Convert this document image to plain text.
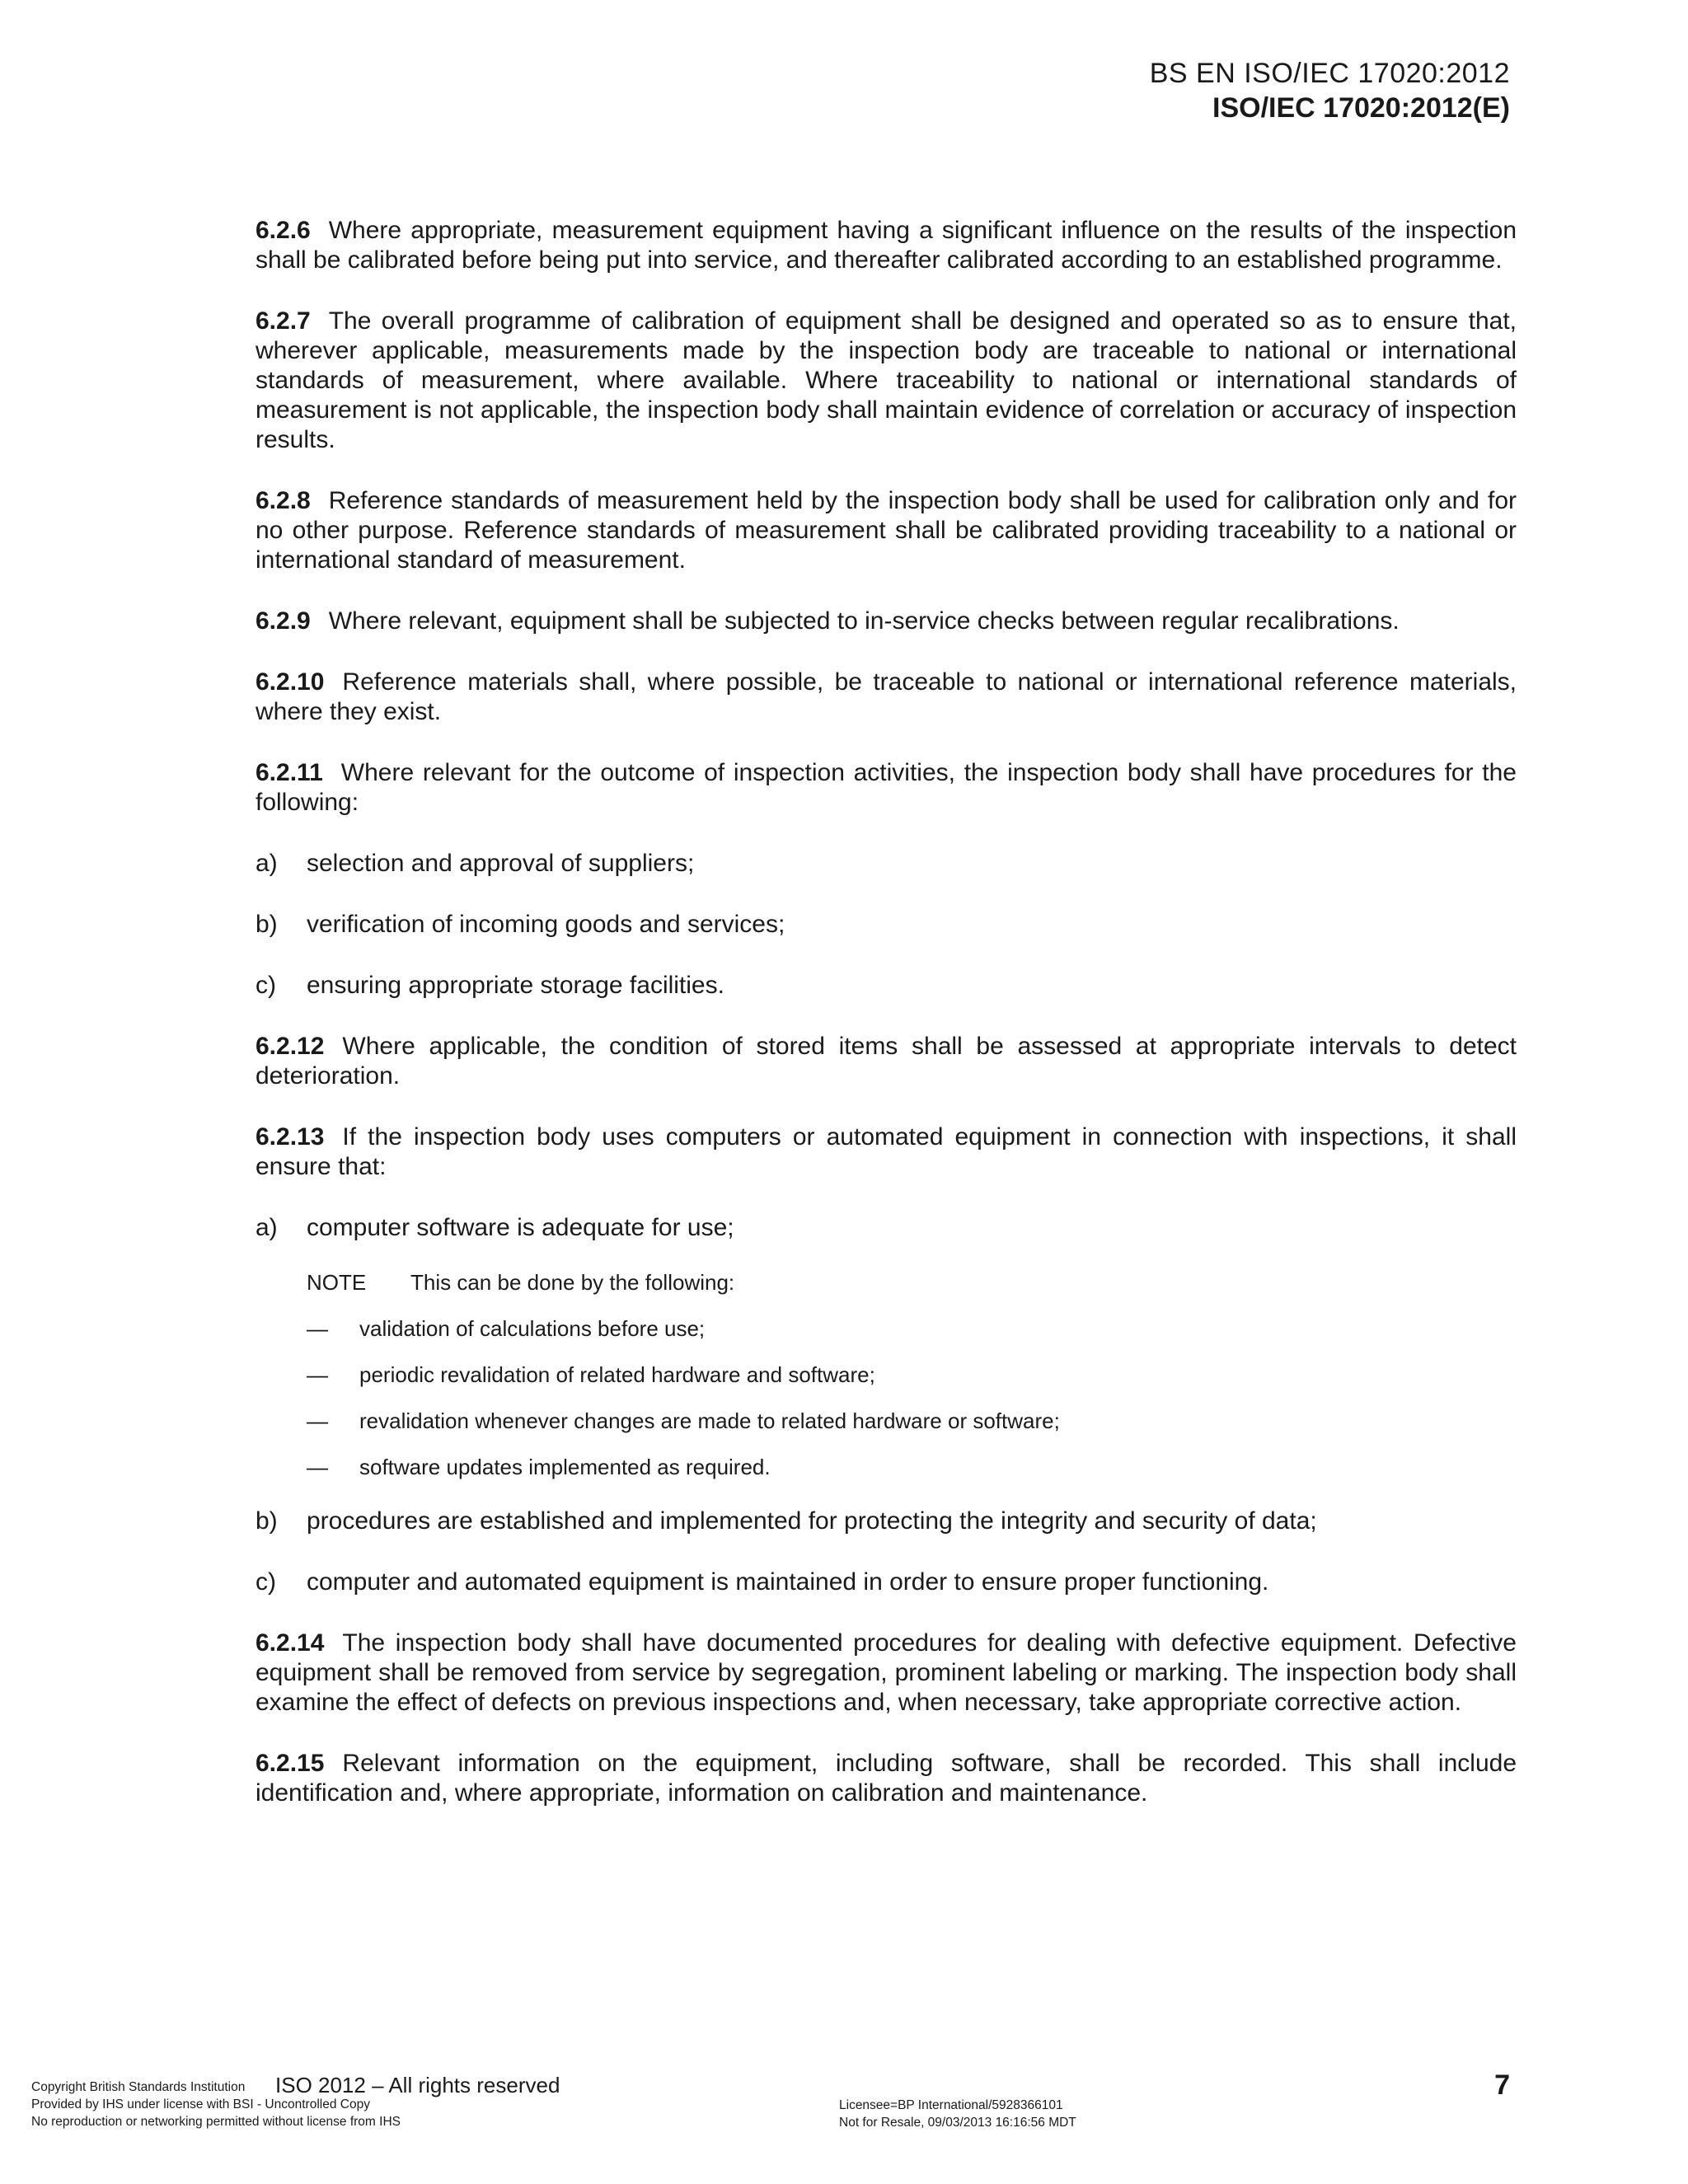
BS EN ISO/IEC 17020:2012
ISO/IEC 17020:2012(E)

6.2.6 Where appropriate, measurement equipment having a significant influence on the results of the inspection shall be calibrated before being put into service, and thereafter calibrated according to an established programme.

6.2.7 The overall programme of calibration of equipment shall be designed and operated so as to ensure that, wherever applicable, measurements made by the inspection body are traceable to national or international standards of measurement, where available. Where traceability to national or international standards of measurement is not applicable, the inspection body shall maintain evidence of correlation or accuracy of inspection results.

6.2.8 Reference standards of measurement held by the inspection body shall be used for calibration only and for no other purpose. Reference standards of measurement shall be calibrated providing traceability to a national or international standard of measurement.

6.2.9 Where relevant, equipment shall be subjected to in-service checks between regular recalibrations.

6.2.10 Reference materials shall, where possible, be traceable to national or international reference materials, where they exist.

6.2.11 Where relevant for the outcome of inspection activities, the inspection body shall have procedures for the following:

a)	selection and approval of suppliers;
b)	verification of incoming goods and services;
c)	ensuring appropriate storage facilities.

6.2.12 Where applicable, the condition of stored items shall be assessed at appropriate intervals to detect deterioration.

6.2.13 If the inspection body uses computers or automated equipment in connection with inspections, it shall ensure that:

a)	computer software is adequate for use;
NOTE This can be done by the following:
—	validation of calculations before use;
—	periodic revalidation of related hardware and software;
—	revalidation whenever changes are made to related hardware or software;
—	software updates implemented as required.
b)	procedures are established and implemented for protecting the integrity and security of data;
c)	computer and automated equipment is maintained in order to ensure proper functioning.

6.2.14 The inspection body shall have documented procedures for dealing with defective equipment. Defective equipment shall be removed from service by segregation, prominent labeling or marking. The inspection body shall examine the effect of defects on previous inspections and, when necessary, take appropriate corrective action.

6.2.15 Relevant information on the equipment, including software, shall be recorded. This shall include identification and, where appropriate, information on calibration and maintenance.

Copyright British Standards Institution
Provided by IHS under license with BSI - Uncontrolled Copy
No reproduction or networking permitted without license from IHS
ISO 2012 – All rights reserved
Licensee=BP International/5928366101
Not for Resale, 09/03/2013 16:16:56 MDT
7
